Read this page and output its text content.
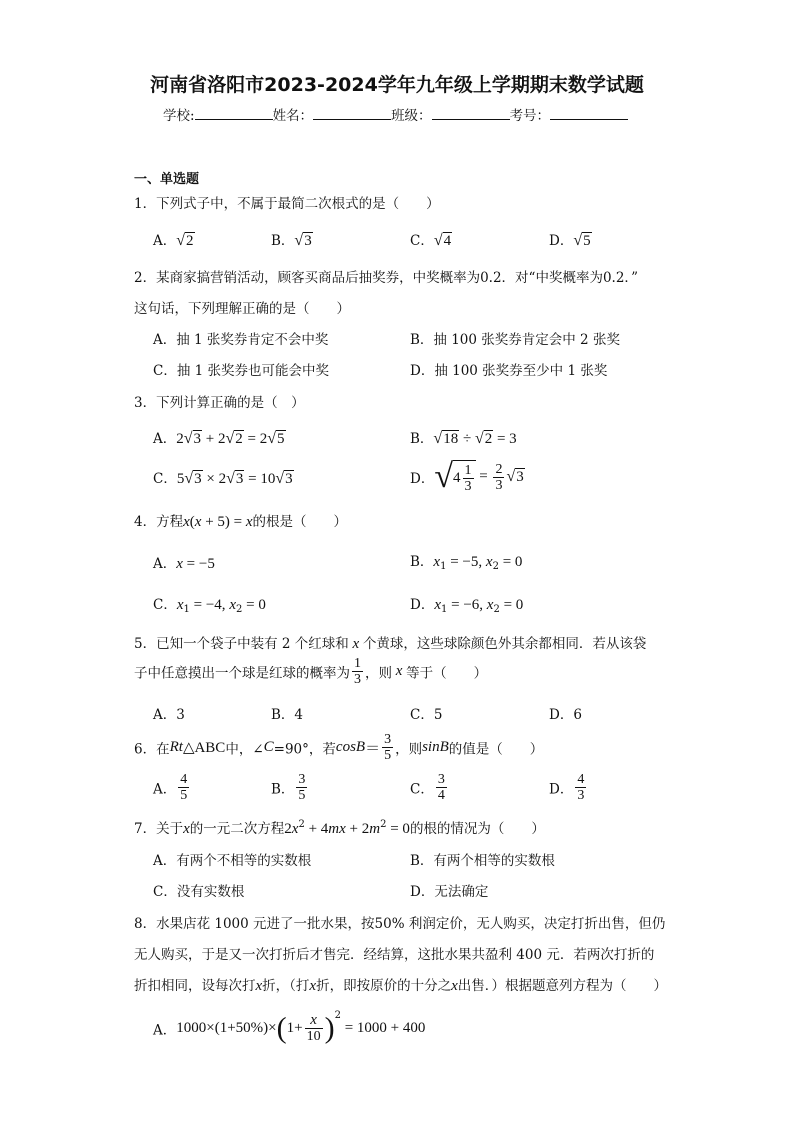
河南省洛阳市2023-2024学年九年级上学期期末数学试题
学校:	姓名：	班级：	考号：
一、单选题
1．下列式子中，不属于最简二次根式的是（　　）
A．√2	B．√3	C．√4	D．√5
2．某商家搞营销活动，顾客买商品后抽奖券，中奖概率为0.2．对“中奖概率为0.2．”
这句话，下列理解正确的是（　　）
A．抽 1 张奖券肯定不会中奖	B．抽 100 张奖券肯定会中 2 张奖
C．抽 1 张奖券也可能会中奖	D．抽 100 张奖券至少中 1 张奖
3．下列计算正确的是（　）
A．2√3 + 2√2 = 2√5	B．√18 ÷ √2 = 3
C．5√3 × 2√3 = 10√3	D．$√4 \frac{1}{3} = \frac{2}{3} √3$
4．方程x(x + 5) = x的根是（　　）
A．x = −5	B．$x_1 = -5$, $x_2 = 0$
C．$x_1 = -4$, $x_2 = 0$	D．$x_1 = -6$, $x_2 = 0$
5．已知一个袋子中装有 2 个红球和 x 个黄球，这些球除颜色外其余都相同．若从该袋
子中任意摸出一个球是红球的概率为 $\frac{1}{3}$ ，则 x 等于（　　）
A．3	B．4	C．5	D．6
6．在Rt△ABC中，∠C=90°，若$\cos B= \frac{3}{5}$ ，则sinB的值是（　　）
A． $\frac{4}{5}$	B． $\frac{3}{5}$	C． $\frac{3}{4}$	D． $\frac{4}{3}$
7．关于x的一元二次方程$2x^2 + 4mx + 2m^2 = 0$的根的情况为（　　）
A．有两个不相等的实数根	B．有两个相等的实数根
C．没有实数根	D．无法确定
8．水果店花 1000 元进了一批水果，按50% 利润定价，无人购买，决定打折出售，但仍
无人购买，于是又一次打折后才售完．经结算，这批水果共盈利 400 元．若两次打折的
折扣相同，设每次打x折，（打x折，即按原价的十分之x出售．）根据题意列方程为（　　）
A．$1000\times(1+50\%)\times(1+ \frac{x}{10} )^2 = 1000 + 400$
